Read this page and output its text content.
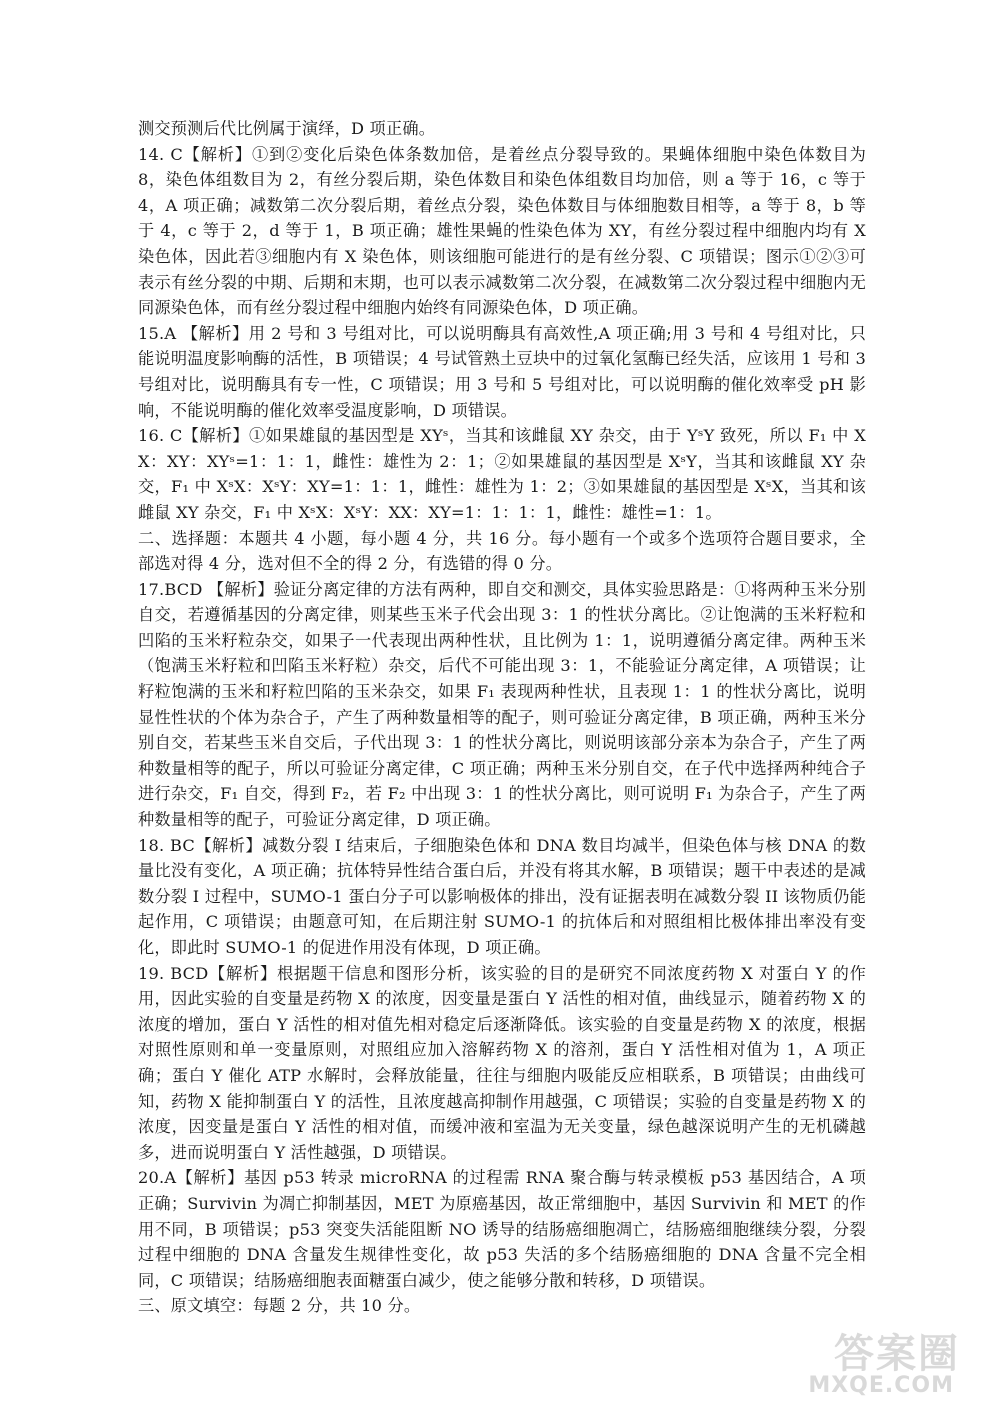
测交预测后代比例属于演绎，D 项正确。

14. C【解析】①到②变化后染色体条数加倍，是着丝点分裂导致的。果蝇体细胞中染色体数目为 8，染色体组数目为 2，有丝分裂后期，染色体数目和染色体组数目均加倍，则 a 等于 16，c 等于 4，A 项正确；减数第二次分裂后期，着丝点分裂，染色体数目与体细胞数目相等，a 等于 8，b 等于 4，c 等于 2，d 等于 1，B 项正确；雄性果蝇的性染色体为 XY，有丝分裂过程中细胞内均有 X 染色体，因此若③细胞内有 X 染色体，则该细胞可能进行的是有丝分裂、C 项错误；图示①②③可表示有丝分裂的中期、后期和末期，也可以表示减数第二次分裂，在减数第二次分裂过程中细胞内无同源染色体，而有丝分裂过程中细胞内始终有同源染色体，D 项正确。

15.A 【解析】用 2 号和 3 号组对比，可以说明酶具有高效性,A 项正确;用 3 号和 4 号组对比，只能说明温度影响酶的活性，B 项错误；4 号试管熟土豆块中的过氧化氢酶已经失活，应该用 1 号和 3 号组对比，说明酶具有专一性，C 项错误；用 3 号和 5 号组对比，可以说明酶的催化效率受 pH 影响，不能说明酶的催化效率受温度影响，D 项错误。

16. C【解析】①如果雄鼠的基因型是 XYˢ，当其和该雌鼠 XY 杂交，由于 YˢY 致死，所以 F₁ 中 XX：XY：XYˢ=1：1：1，雌性：雄性为 2：1；②如果雄鼠的基因型是 XˢY，当其和该雌鼠 XY 杂交，F₁ 中 XˢX：XˢY：XY=1：1：1，雌性：雄性为 1：2；③如果雄鼠的基因型是 XˢX，当其和该雌鼠 XY 杂交，F₁ 中 XˢX：XˢY：XX：XY=1：1：1：1，雌性：雄性=1：1。

二、选择题：本题共 4 小题，每小题 4 分，共 16 分。每小题有一个或多个选项符合题目要求，全部选对得 4 分，选对但不全的得 2 分，有选错的得 0 分。

17.BCD 【解析】验证分离定律的方法有两种，即自交和测交，具体实验思路是：①将两种玉米分别自交，若遵循基因的分离定律，则某些玉米子代会出现 3：1 的性状分离比。②让饱满的玉米籽粒和凹陷的玉米籽粒杂交，如果子一代表现出两种性状，且比例为 1：1，说明遵循分离定律。两种玉米（饱满玉米籽粒和凹陷玉米籽粒）杂交，后代不可能出现 3：1，不能验证分离定律，A 项错误；让籽粒饱满的玉米和籽粒凹陷的玉米杂交，如果 F₁ 表现两种性状，且表现 1：1 的性状分离比，说明显性性状的个体为杂合子，产生了两种数量相等的配子，则可验证分离定律，B 项正确，两种玉米分别自交，若某些玉米自交后，子代出现 3：1 的性状分离比，则说明该部分亲本为杂合子，产生了两种数量相等的配子，所以可验证分离定律，C 项正确；两种玉米分别自交，在子代中选择两种纯合子进行杂交，F₁ 自交，得到 F₂，若 F₂ 中出现 3：1 的性状分离比，则可说明 F₁ 为杂合子，产生了两种数量相等的配子，可验证分离定律，D 项正确。

18. BC【解析】减数分裂 I 结束后，子细胞染色体和 DNA 数目均减半，但染色体与核 DNA 的数量比没有变化，A 项正确；抗体特异性结合蛋白后，并没有将其水解，B 项错误；题干中表述的是减数分裂 I 过程中，SUMO-1 蛋白分子可以影响极体的排出，没有证据表明在减数分裂 II 该物质仍能起作用，C 项错误；由题意可知，在后期注射 SUMO-1 的抗体后和对照组相比极体排出率没有变化，即此时 SUMO-1 的促进作用没有体现，D 项正确。

19. BCD【解析】根据题干信息和图形分析，该实验的目的是研究不同浓度药物 X 对蛋白 Y 的作用，因此实验的自变量是药物 X 的浓度，因变量是蛋白 Y 活性的相对值，曲线显示，随着药物 X 的浓度的增加，蛋白 Y 活性的相对值先相对稳定后逐渐降低。该实验的自变量是药物 X 的浓度，根据对照性原则和单一变量原则，对照组应加入溶解药物 X 的溶剂，蛋白 Y 活性相对值为 1，A 项正确；蛋白 Y 催化 ATP 水解时，会释放能量，往往与细胞内吸能反应相联系，B 项错误；由曲线可知，药物 X 能抑制蛋白 Y 的活性，且浓度越高抑制作用越强，C 项错误；实验的自变量是药物 X 的浓度，因变量是蛋白 Y 活性的相对值，而缓冲液和室温为无关变量，绿色越深说明产生的无机磷越多，进而说明蛋白 Y 活性越强，D 项错误。

20.A【解析】基因 p53 转录 microRNA 的过程需 RNA 聚合酶与转录模板 p53 基因结合，A 项正确；Survivin 为凋亡抑制基因，MET 为原癌基因，故正常细胞中，基因 Survivin 和 MET 的作用不同，B 项错误；p53 突变失活能阻断 NO 诱导的结肠癌细胞凋亡，结肠癌细胞继续分裂，分裂过程中细胞的 DNA 含量发生规律性变化，故 p53 失活的多个结肠癌细胞的 DNA 含量不完全相同，C 项错误；结肠癌细胞表面糖蛋白减少，使之能够分散和转移，D 项错误。

三、原文填空：每题 2 分，共 10 分。

答案圈
MXQE.COM
